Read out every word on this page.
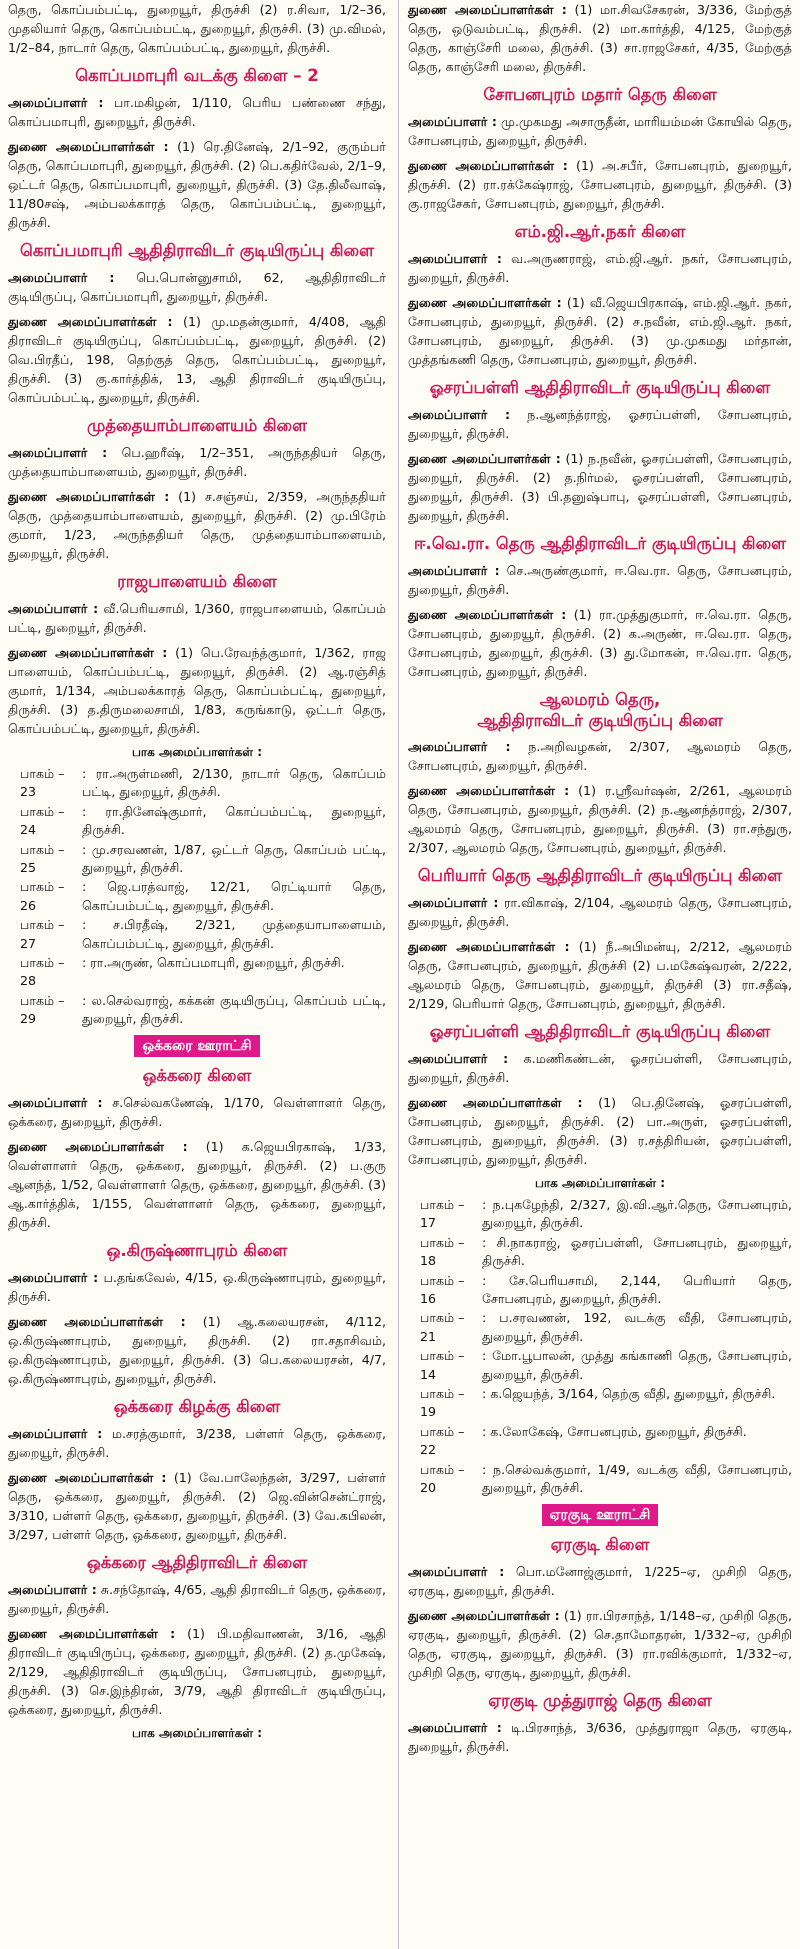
தெரு, கொப்பம்பட்டி, துறையூர், திருச்சி (2) ர.சிவா, 1/2–36, முதலியார் தெரு, கொப்பம்பட்டி, துறையூர், திருச்சி. (3) மு.விமல், 1/2–84, நாடார் தெரு, கொப்பம்பட்டி, துறையூர், திருச்சி.

கொப்பமாபுரி வடக்கு கிளை – 2

அமைப்பாளர் : பா.மகிழன், 1/110, பெரிய பண்ணை சந்து, கொப்பமாபுரி, துறையூர், திருச்சி.

துணை அமைப்பாளர்கள் : (1) ரெ.தினேஷ், 2/1–92, குரும்பர் தெரு, கொப்பமாபுரி, துறையூர், திருச்சி. (2) பெ.கதிர்வேல், 2/1–9, ஒட்டர் தெரு, கொப்பமாபுரி, துறையூர், திருச்சி. (3) தே.திலீவாஷ், 11/80சஷ், அம்பலக்காரத் தெரு, கொப்பம்பட்டி, துறையூர், திருச்சி.

கொப்பமாபுரி ஆதிதிராவிடர் குடியிருப்பு கிளை

அமைப்பாளர் : பெ.பொன்னுசாமி, 62, ஆதிதிராவிடர் குடியிருப்பு, கொப்பமாபுரி, துறையூர், திருச்சி.

துணை அமைப்பாளர்கள் : (1) மு.மதன்குமார், 4/408, ஆதி திராவிடர் குடியிருப்பு, கொப்பம்பட்டி, துறையூர், திருச்சி. (2) வெ.பிரதீப், 198, தெற்குத் தெரு, கொப்பம்பட்டி, துறையூர், திருச்சி. (3) கு.கார்த்திக், 13, ஆதி திராவிடர் குடியிருப்பு, கொப்பம்பட்டி, துறையூர், திருச்சி.

முத்தையாம்பாளையம் கிளை

அமைப்பாளர் : பெ.ஹரீஷ், 1/2–351, அருந்ததியர் தெரு, முத்தையாம்பாளையம், துறையூர், திருச்சி.

துணை அமைப்பாளர்கள் : (1) ச.சஞ்சய், 2/359, அருந்ததியர் தெரு, முத்தையாம்பாளையம், துறையூர், திருச்சி. (2) மு.பிரேம் குமார், 1/23, அருந்ததியர் தெரு, முத்தையாம்பாளையம், துறையூர், திருச்சி.

ராஜபாளையம் கிளை

அமைப்பாளர் : வீ.பெரியசாமி, 1/360, ராஜபாளையம், கொப்பம் பட்டி, துறையூர், திருச்சி.

துணை அமைப்பாளர்கள் : (1) பெ.ரேவந்த்குமார், 1/362, ராஜ பாளையம், கொப்பம்பட்டி, துறையூர், திருச்சி. (2) ஆ.ரஞ்சித் குமார், 1/134, அம்பலக்காரத் தெரு, கொப்பம்பட்டி, துறையூர், திருச்சி. (3) த.திருமலைசாமி, 1/83, கருங்காடு, ஒட்டர் தெரு, கொப்பம்பட்டி, துறையூர், திருச்சி.

பாக அமைப்பாளர்கள் :
பாகம் – 23
: ரா.அருள்மணி, 2/130, நாடார் தெரு, கொப்பம் பட்டி, துறையூர், திருச்சி.
பாகம் – 24
: ரா.தினேஷ்குமார், கொப்பம்பட்டி, துறையூர், திருச்சி.
பாகம் – 25
: மு.சரவணன், 1/87, ஒட்டர் தெரு, கொப்பம் பட்டி, துறையூர், திருச்சி.
பாகம் – 26
: ஜெ.பரத்வாஜ், 12/21, ரெட்டியார் தெரு, கொப்பம்பட்டி, துறையூர், திருச்சி.
பாகம் – 27
: ச.பிரதீஷ், 2/321, முத்தையாபாளையம், கொப்பம்பட்டி, துறையூர், திருச்சி.
பாகம் – 28
: ரா.அருண், கொப்பமாபுரி, துறையூர், திருச்சி.
பாகம் – 29
: ல.செல்வராஜ், கக்கன் குடியிருப்பு, கொப்பம் பட்டி, துறையூர், திருச்சி.
ஒக்கரை ஊராட்சி
ஒக்கரை கிளை

அமைப்பாளர் : ச.செல்வகணேஷ், 1/170, வெள்ளாளர் தெரு, ஒக்கரை, துறையூர், திருச்சி.

துணை அமைப்பாளர்கள் : (1) க.ஜெயபிரகாஷ், 1/33, வெள்ளாளர் தெரு, ஒக்கரை, துறையூர், திருச்சி. (2) ப.குரு ஆனந்த், 1/52, வெள்ளாளர் தெரு, ஒக்கரை, துறையூர், திருச்சி. (3) ஆ.கார்த்திக், 1/155, வெள்ளாளர் தெரு, ஒக்கரை, துறையூர், திருச்சி.

ஒ.கிருஷ்ணாபுரம் கிளை

அமைப்பாளர் : ப.தங்கவேல், 4/15, ஒ.கிருஷ்ணாபுரம், துறையூர், திருச்சி.

துணை அமைப்பாளர்கள் : (1) ஆ.கலையரசன், 4/112, ஒ.கிருஷ்ணாபுரம், துறையூர், திருச்சி. (2) ரா.சதாசிவம், ஒ.கிருஷ்ணாபுரம், துறையூர், திருச்சி. (3) பெ.கலையரசன், 4/7, ஒ.கிருஷ்ணாபுரம், துறையூர், திருச்சி.

ஒக்கரை கிழக்கு கிளை

அமைப்பாளர் : ம.சரத்குமார், 3/238, பள்ளர் தெரு, ஒக்கரை, துறையூர், திருச்சி.

துணை அமைப்பாளர்கள் : (1) வே.பாலேந்தன், 3/297, பள்ளர் தெரு, ஒக்கரை, துறையூர், திருச்சி. (2) ஜெ.வின்சென்ட்ராஜ், 3/310, பள்ளர் தெரு, ஒக்கரை, துறையூர், திருச்சி. (3) வே.கபிலன், 3/297, பள்ளர் தெரு, ஒக்கரை, துறையூர், திருச்சி.

ஒக்கரை ஆதிதிராவிடர் கிளை

அமைப்பாளர் : சு.சந்தோஷ், 4/65, ஆதி திராவிடர் தெரு, ஒக்கரை, துறையூர், திருச்சி.

துணை அமைப்பாளர்கள் : (1) பி.மதிவாணன், 3/16, ஆதி திராவிடர் குடியிருப்பு, ஒக்கரை, துறையூர், திருச்சி. (2) த.முகேஷ், 2/129, ஆதிதிராவிடர் குடியிருப்பு, சோபனபுரம், துறையூர், திருச்சி. (3) செ.இந்திரன், 3/79, ஆதி திராவிடர் குடியிருப்பு, ஒக்கரை, துறையூர், திருச்சி.

பாக அமைப்பாளர்கள் :

துணை அமைப்பாளர்கள் : (1) மா.சிவசேகரன், 3/336, மேற்குத் தெரு, ஒடுவம்பட்டி, திருச்சி. (2) மா.கார்த்தி, 4/125, மேற்குத் தெரு, காஞ்சேரி மலை, திருச்சி. (3) சா.ராஜசேகர், 4/35, மேற்குத் தெரு, காஞ்சேரி மலை, திருச்சி.

சோபனபுரம் மதார் தெரு கிளை

அமைப்பாளர் : மு.முகமது அசாருதீன், மாரியம்மன் கோயில் தெரு, சோபனபுரம், துறையூர், திருச்சி.

துணை அமைப்பாளர்கள் : (1) அ.சபீர், சோபனபுரம், துறையூர், திருச்சி. (2) ரா.ரக்கேஷ்ராஜ், சோபனபுரம், துறையூர், திருச்சி. (3) கு.ராஜசேகர், சோபனபுரம், துறையூர், திருச்சி.

எம்.ஜி.ஆர்.நகர் கிளை

அமைப்பாளர் : வ.அருணராஜ், எம்.ஜி.ஆர். நகர், சோபனபுரம், துறையூர், திருச்சி.

துணை அமைப்பாளர்கள் : (1) வீ.ஜெயபிரகாஷ், எம்.ஜி.ஆர். நகர், சோபனபுரம், துறையூர், திருச்சி. (2) ச.நவீன், எம்.ஜி.ஆர். நகர், சோபனபுரம், துறையூர், திருச்சி. (3) மு.முகமது மர்தான், முத்தங்கணி தெரு, சோபனபுரம், துறையூர், திருச்சி.

ஓசரப்பள்ளி ஆதிதிராவிடர் குடியிருப்பு கிளை

அமைப்பாளர் : ந.ஆனந்த்ராஜ், ஓசரப்பள்ளி, சோபனபுரம், துறையூர், திருச்சி.

துணை அமைப்பாளர்கள் : (1) ந.நவீன், ஓசரப்பள்ளி, சோபனபுரம், துறையூர், திருச்சி. (2) த.நிர்மல், ஓசரப்பள்ளி, சோபனபுரம், துறையூர், திருச்சி. (3) பி.தனுஷ்பாபு, ஓசரப்பள்ளி, சோபனபுரம், துறையூர், திருச்சி.

ஈ.வெ.ரா. தெரு ஆதிதிராவிடர் குடியிருப்பு கிளை

அமைப்பாளர் : செ.அருண்குமார், ஈ.வெ.ரா. தெரு, சோபனபுரம், துறையூர், திருச்சி.

துணை அமைப்பாளர்கள் : (1) ரா.முத்துகுமார், ஈ.வெ.ரா. தெரு, சோபனபுரம், துறையூர், திருச்சி. (2) க.அருண், ஈ.வெ.ரா. தெரு, சோபனபுரம், துறையூர், திருச்சி. (3) து.மோகன், ஈ.வெ.ரா. தெரு, சோபனபுரம், துறையூர், திருச்சி.

ஆலமரம் தெரு,
ஆதிதிராவிடர் குடியிருப்பு கிளை

அமைப்பாளர் : ந.அறிவழகன், 2/307, ஆலமரம் தெரு, சோபனபுரம், துறையூர், திருச்சி.

துணை அமைப்பாளர்கள் : (1) ர.ஸ்ரீவர்ஷன், 2/261, ஆலமரம் தெரு, சோபனபுரம், துறையூர், திருச்சி. (2) ந.ஆனந்த்ராஜ், 2/307, ஆலமரம் தெரு, சோபனபுரம், துறையூர், திருச்சி. (3) ரா.சந்துரு, 2/307, ஆலமரம் தெரு, சோபனபுரம், துறையூர், திருச்சி.

பெரியார் தெரு ஆதிதிராவிடர் குடியிருப்பு கிளை

அமைப்பாளர் : ரா.விகாஷ், 2/104, ஆலமரம் தெரு, சோபனபுரம், துறையூர், திருச்சி.

துணை அமைப்பாளர்கள் : (1) நீ.அபிமன்யு, 2/212, ஆலமரம் தெரு, சோபனபுரம், துறையூர், திருச்சி (2) ப.மகேஷ்வரன், 2/222, ஆலமரம் தெரு, சோபனபுரம், துறையூர், திருச்சி (3) ரா.சதீஷ், 2/129, பெரியார் தெரு, சோபனபுரம், துறையூர், திருச்சி.

ஓசரப்பள்ளி ஆதிதிராவிடர் குடியிருப்பு கிளை

அமைப்பாளர் : க.மணிகண்டன், ஓசரப்பள்ளி, சோபனபுரம், துறையூர், திருச்சி.

துணை அமைப்பாளர்கள் : (1) பெ.தினேஷ், ஓசரப்பள்ளி, சோபனபுரம், துறையூர், திருச்சி. (2) பா.அருள், ஓசரப்பள்ளி, சோபனபுரம், துறையூர், திருச்சி. (3) ர.சத்திரியன், ஓசரப்பள்ளி, சோபனபுரம், துறையூர், திருச்சி.

பாக அமைப்பாளர்கள் :
பாகம் – 17
: ந.புகழேந்தி, 2/327, இ.வி.ஆர்.தெரு, சோபனபுரம், துறையூர், திருச்சி.
பாகம் – 18
: சி.நாகராஜ், ஓசரப்பள்ளி, சோபனபுரம், துறையூர், திருச்சி.
பாகம் – 16
: சே.பெரியசாமி, 2,144, பெரியார் தெரு, சோபனபுரம், துறையூர், திருச்சி.
பாகம் – 21
: ப.சரவணன், 192, வடக்கு வீதி, சோபனபுரம், துறையூர், திருச்சி.
பாகம் – 14
: மோ.பூபாலன், முத்து கங்காணி தெரு, சோபனபுரம், துறையூர், திருச்சி.
பாகம் – 19
: க.ஜெயந்த், 3/164, தெற்கு வீதி, துறையூர், திருச்சி.
பாகம் – 22
: க.லோகேஷ், சோபனபுரம், துறையூர், திருச்சி.
பாகம் – 20
: ந.செல்வக்குமார், 1/49, வடக்கு வீதி, சோபனபுரம், துறையூர், திருச்சி.
ஏரகுடி ஊராட்சி
ஏரகுடி கிளை

அமைப்பாளர் : பொ.மனோஜ்குமார், 1/225–ஏ, முசிறி தெரு, ஏரகுடி, துறையூர், திருச்சி.

துணை அமைப்பாளர்கள் : (1) ரா.பிரசாந்த், 1/148–ஏ, முசிறி தெரு, ஏரகுடி, துறையூர், திருச்சி. (2) செ.தாமோதரன், 1/332–ஏ, முசிறி தெரு, ஏரகுடி, துறையூர், திருச்சி. (3) ரா.ரவிக்குமார், 1/332–ஏ, முசிறி தெரு, ஏரகுடி, துறையூர், திருச்சி.

ஏரகுடி முத்துராஜ் தெரு கிளை

அமைப்பாளர் : டி.பிரசாந்த், 3/636, முத்துராஜா தெரு, ஏரகுடி, துறையூர், திருச்சி.
